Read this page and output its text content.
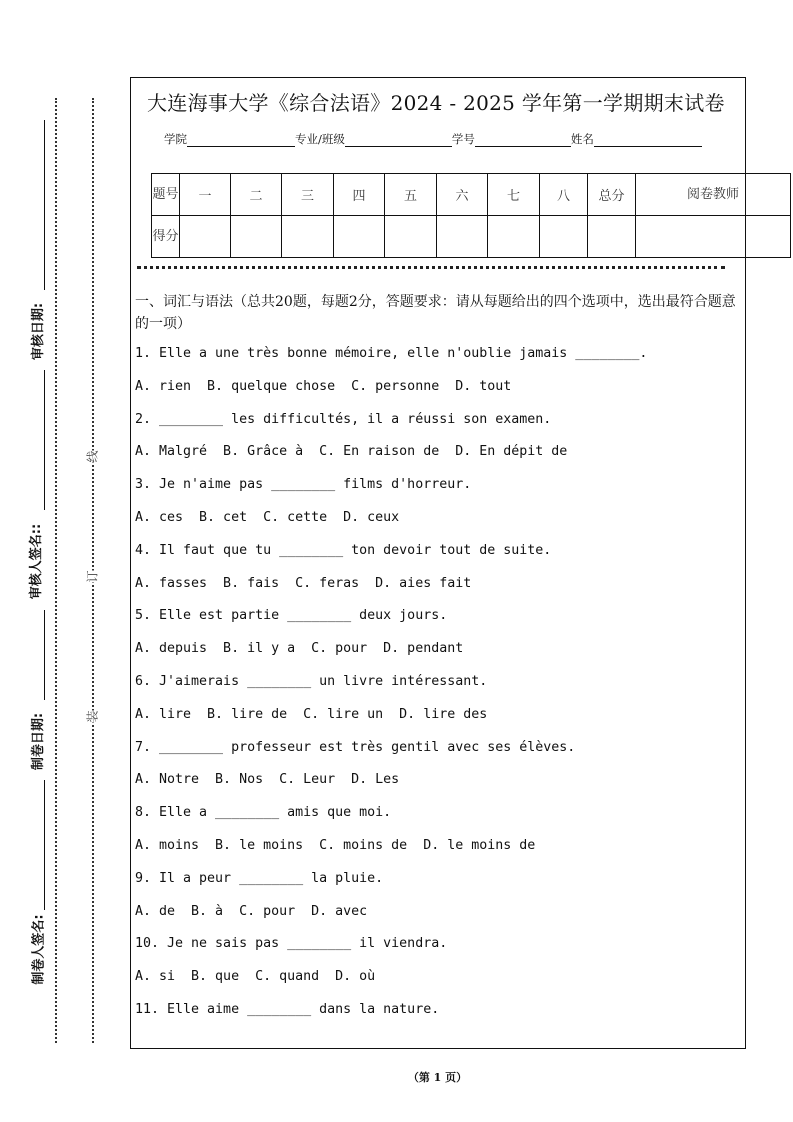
审核日期:
审核人签名::
制卷日期:
制卷人签名:
线
订
装
大连海事大学《综合法语》2024 - 2025 学年第一学期期末试卷
学院	专业/班级	学号	姓名
题号	一	二	三	四	五	六	七	八	总分	阅卷教师
得分										
一、词汇与语法（总共20题，每题2分，答题要求：请从每题给出的四个选项中，选出最符合题意的一项）
1. Elle a une très bonne mémoire, elle n'oublie jamais ________.
A. rien  B. quelque chose  C. personne  D. tout
2. ________ les difficultés, il a réussi son examen.
A. Malgré  B. Grâce à  C. En raison de  D. En dépit de
3. Je n'aime pas ________ films d'horreur.
A. ces  B. cet  C. cette  D. ceux
4. Il faut que tu ________ ton devoir tout de suite.
A. fasses  B. fais  C. feras  D. aies fait
5. Elle est partie ________ deux jours.
A. depuis  B. il y a  C. pour  D. pendant
6. J'aimerais ________ un livre intéressant.
A. lire  B. lire de  C. lire un  D. lire des
7. ________ professeur est très gentil avec ses élèves.
A. Notre  B. Nos  C. Leur  D. Les
8. Elle a ________ amis que moi.
A. moins  B. le moins  C. moins de  D. le moins de
9. Il a peur ________ la pluie.
A. de  B. à  C. pour  D. avec
10. Je ne sais pas ________ il viendra.
A. si  B. que  C. quand  D. où
11. Elle aime ________ dans la nature.
（第 1 页）
